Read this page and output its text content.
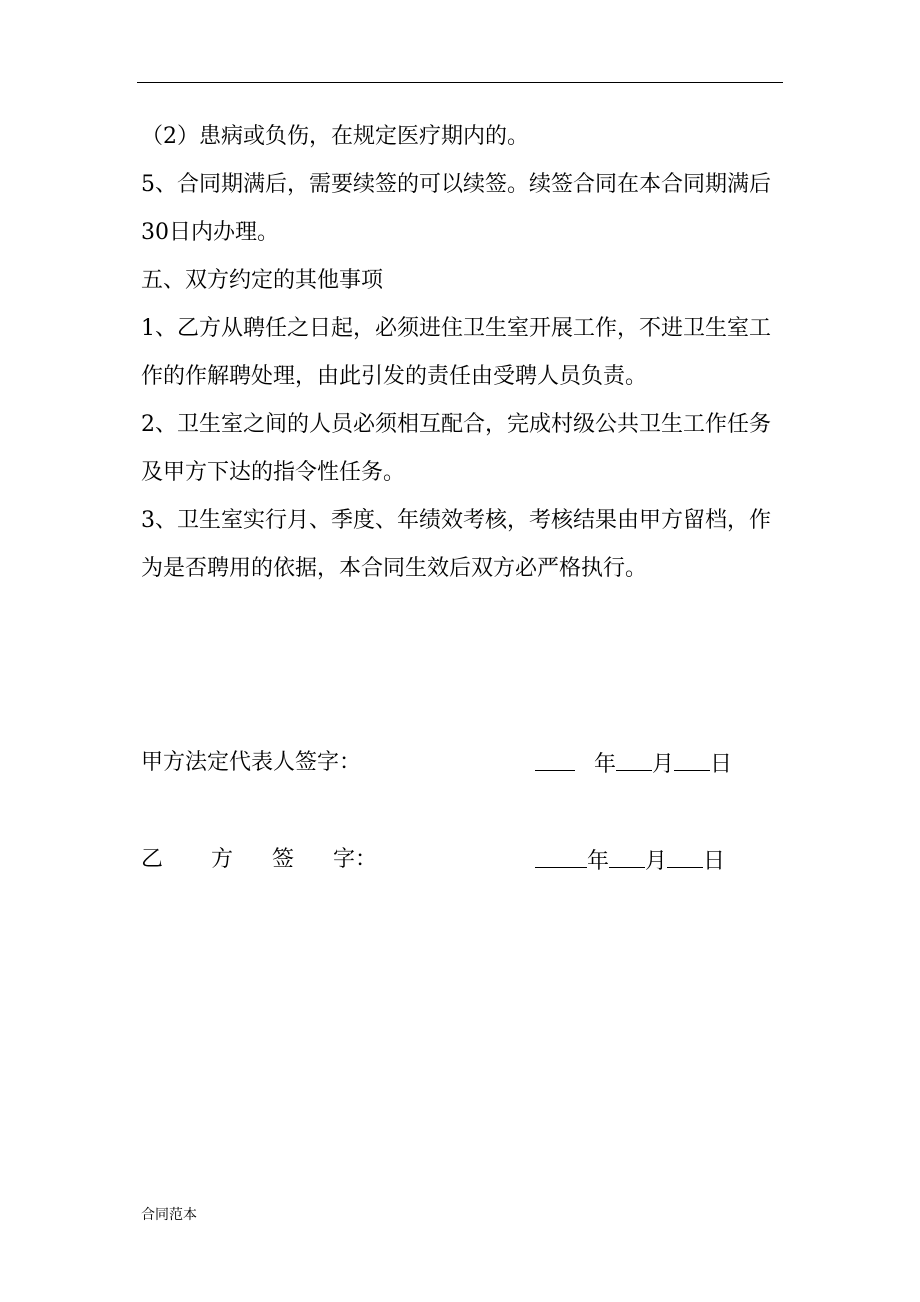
（2）患病或负伤，在规定医疗期内的。

5、合同期满后，需要续签的可以续签。续签合同在本合同期满后30日内办理。

五、双方约定的其他事项

1、乙方从聘任之日起，必须进住卫生室开展工作，不进卫生室工作的作解聘处理，由此引发的责任由受聘人员负责。

2、卫生室之间的人员必须相互配合，完成村级公共卫生工作任务及甲方下达的指令性任务。

3、卫生室实行月、季度、年绩效考核，考核结果由甲方留档，作为是否聘用的依据，本合同生效后双方必严格执行。

甲方法定代表人签字：	年 月 日
乙 方 签 字：	年 月 日
合同范本
